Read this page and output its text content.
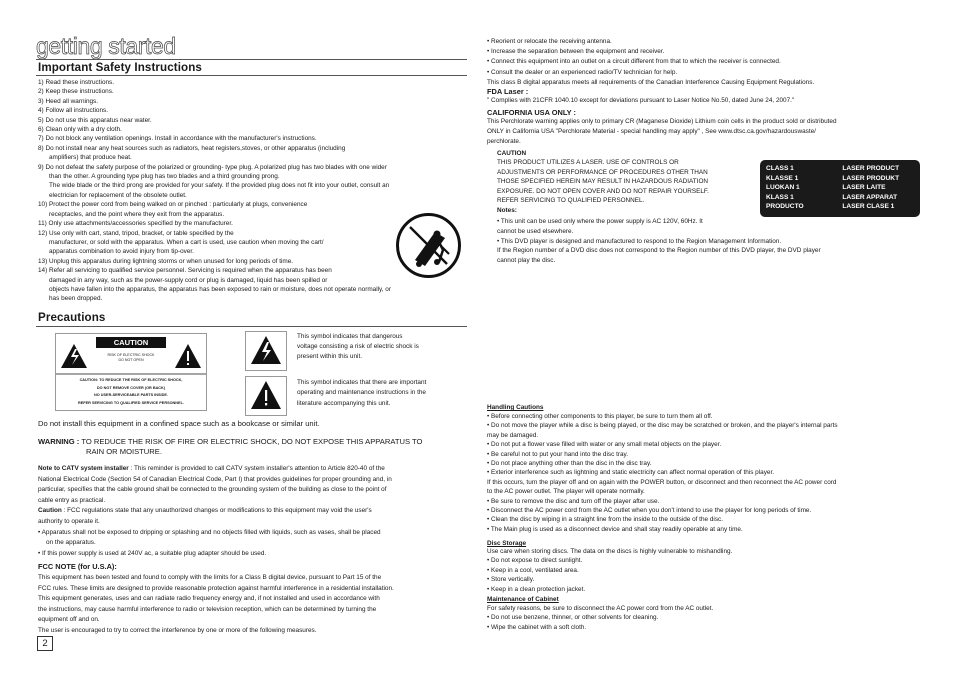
getting started
Important Safety Instructions
1) Read these instructions.
2) Keep these instructions.
3) Heed all warnings.
4) Follow all instructions.
5) Do not use this apparatus near water.
6) Clean only with a dry cloth.
7) Do not block any ventilation openings. Install in accordance with the manufacturer's instructions.
8) Do not install near any heat sources such as radiators, heat registers,stoves, or other apparatus (including
amplifiers) that produce heat.
9) Do not defeat the safety purpose of the polarized or grounding- type plug. A polarized plug has two blades with one wider
than the other. A grounding type plug has two blades and a third grounding prong.
The wide blade or the third prong are provided for your safety. If the provided plug does not fit into your outlet, consult an
electrician for replacement of the obsolete outlet.
10) Protect the power cord from being walked on or pinched : particularly at plugs, convenience
receptacles, and the point where they exit from the apparatus.
11) Only use attachments/accessories specified by the manufacturer.
12) Use only with cart, stand, tripod, bracket, or table specified by the
manufacturer, or sold with the apparatus. When a cart is used, use caution when moving the cart/
apparatus combination to avoid injury from tip-over.
13) Unplug this apparatus during lightning storms or when unused for long periods of time.
14) Refer all servicing to qualified service personnel. Servicing is required when the apparatus has been
damaged in any way, such as the power-supply cord or plug is damaged, liquid has been spilled or
objects have fallen into the apparatus, the apparatus has been exposed to rain or moisture, does not operate normally, or
has been dropped.
Precautions
CAUTION
RISK OF ELECTRIC SHOCK
DO NOT OPEN
CAUTION: TO REDUCE THE RISK OF ELECTRIC SHOCK,
DO NOT REMOVE COVER (OR BACK)
NO USER-SERVICEABLE PARTS INSIDE.
REFER SERVICING TO QUALIFIED SERVICE PERSONNEL.
This symbol indicates that dangerous
voltage consisting a risk of electric shock is
present within this unit.
This symbol indicates that there are important
operating and maintenance instructions in the
literature accompanying this unit.
Do not install this equipment in a confined space such as a bookcase or similar unit.
WARNING : TO REDUCE THE RISK OF FIRE OR ELECTRIC SHOCK, DO NOT EXPOSE THIS APPARATUS TO
RAIN OR MOISTURE.
Note to CATV system installer : This reminder is provided to call CATV system installer's attention to Article 820-40 of the
National Electrical Code (Section 54 of Canadian Electrical Code, Part I) that provides guidelines for proper grounding and, in
particular, specifies that the cable ground shall be connected to the grounding system of the building as close to the point of
cable entry as practical.
Caution : FCC regulations state that any unauthorized changes or modifications to this equipment may void the user's
authority to operate it.
• Apparatus shall not be exposed to dripping or splashing and no objects filled with liquids, such as vases, shall be placed
on the apparatus.
• If this power supply is used at 240V ac, a suitable plug adapter should be used.
FCC NOTE (for U.S.A):
This equipment has been tested and found to comply with the limits for a Class B digital device, pursuant to Part 15 of the
FCC rules. These limits are designed to provide reasonable protection against harmful interference in a residential installation.
This equipment generates, uses and can radiate radio frequency energy and, if not installed and used in accordance with
the instructions, may cause harmful interference to radio or television reception, which can be determined by turning the
equipment off and on.
The user is encouraged to try to correct the interference by one or more of the following measures.
2
• Reorient or relocate the receiving antenna.
• Increase the separation between the equipment and receiver.
• Connect this equipment into an outlet on a circuit different from that to which the receiver is connected.
• Consult the dealer or an experienced radio/TV technician for help.
This class B digital apparatus meets all requirements of the Canadian Interference Causing Equipment Regulations.
FDA Laser :
" Complies with 21CFR 1040.10 except for deviations pursuant to Laser Notice No.50, dated June 24, 2007."
CALIFORNIA USA ONLY :
This Perchlorate warning applies only to primary CR (Maganese Dioxide) Lithium coin cells in the product sold or distributed
ONLY in California USA "Perchlorate Material - special handling may apply" , See www.dtsc.ca.gov/hazardouswaste/
perchlorate.
CAUTION
THIS PRODUCT UTILIZES A LASER. USE OF CONTROLS OR
ADJUSTMENTS OR PERFORMANCE OF PROCEDURES OTHER THAN
THOSE SPECIFIED HEREIN MAY RESULT IN HAZARDOUS RADIATION
EXPOSURE. DO NOT OPEN COVER AND DO NOT REPAIR YOURSELF.
REFER SERVICING TO QUALIFIED PERSONNEL.
Notes:
• This unit can be used only where the power supply is AC 120V, 60Hz. It
cannot be used elsewhere.
• This DVD player is designed and manufactured to respond to the Region Management Information.
If the Region number of a DVD disc does not correspond to the Region number of this DVD player, the DVD player
cannot play the disc.
CLASS 1	LASER PRODUCT
KLASSE 1	LASER PRODUKT
LUOKAN 1	LASER LAITE
KLASS 1	LASER APPARAT
PRODUCTO	LASER CLASE 1
Handling Cautions
• Before connecting other components to this player, be sure to turn them all off.
• Do not move the player while a disc is being played, or the disc may be scratched or broken, and the player's internal parts
may be damaged.
• Do not put a flower vase filled with water or any small metal objects on the player.
• Be careful not to put your hand into the disc tray.
• Do not place anything other than the disc in the disc tray.
• Exterior interference such as lightning and static electricity can affect normal operation of this player.
If this occurs, turn the player off and on again with the POWER button, or disconnect and then reconnect the AC power cord
to the AC power outlet. The player will operate normally.
• Be sure to remove the disc and turn off the player after use.
• Disconnect the AC power cord from the AC outlet when you don't intend to use the player for long periods of time.
• Clean the disc by wiping in a straight line from the inside to the outside of the disc.
• The Main plug is used as a disconnect device and shall stay readily operable at any time.
Disc Storage
Use care when storing discs. The data on the discs is highly vulnerable to mishandling.
• Do not expose to direct sunlight.
• Keep in a cool, ventilated area.
• Store vertically.
• Keep in a clean protection jacket.
Maintenance of Cabinet
For safety reasons, be sure to disconnect the AC power cord from the AC outlet.
• Do not use benzene, thinner, or other solvents for cleaning.
• Wipe the cabinet with a soft cloth.
